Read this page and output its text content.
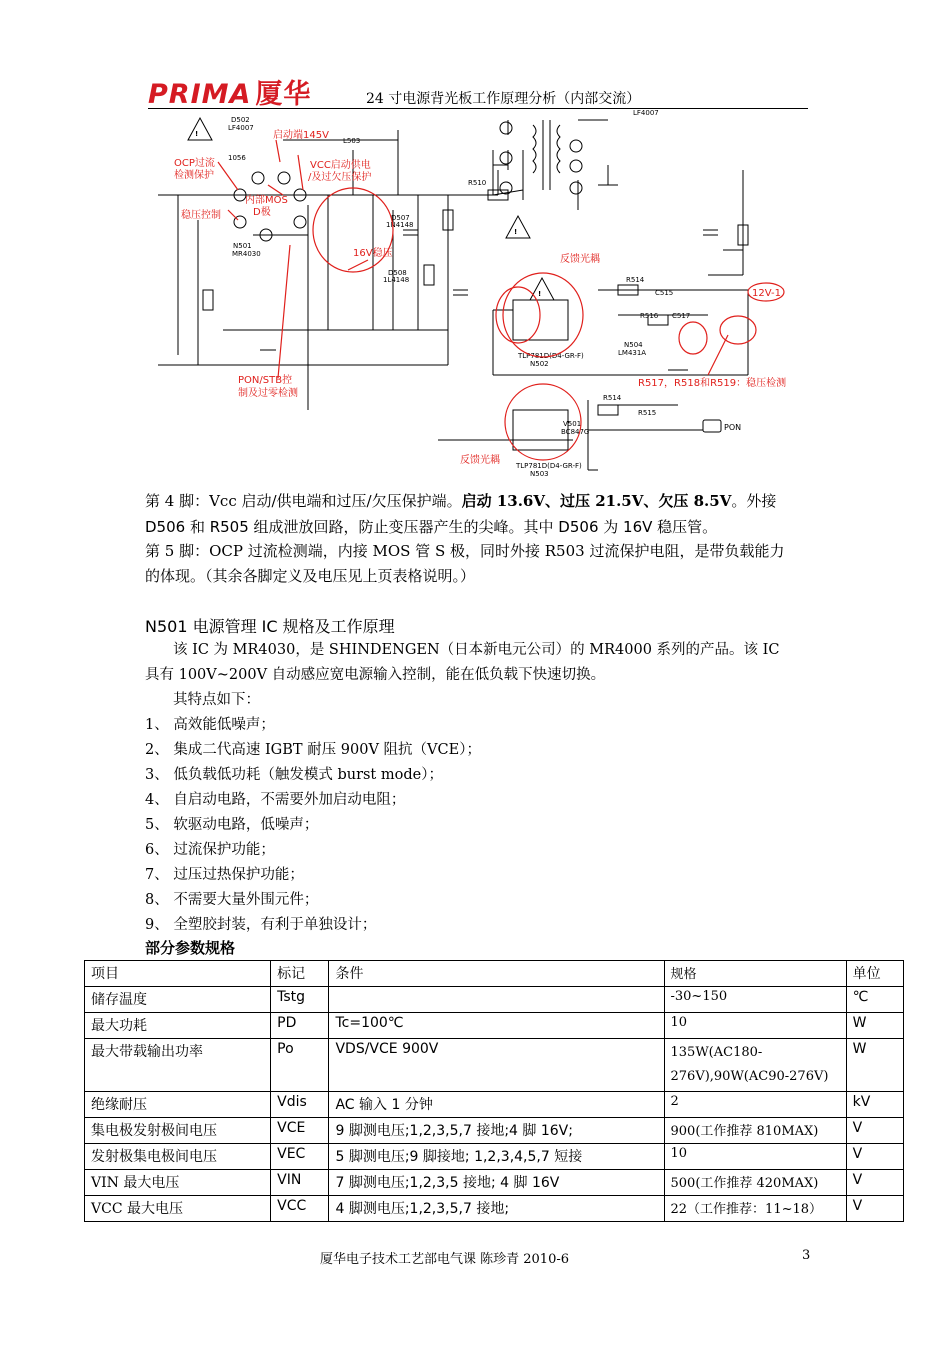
PRIMA 厦华	24 寸电源背光板工作原理分析（内部交流）
!
!
!
D502
LF4007
L503
R510
1056
N501
MR4030
TLP781D(D4-GR-F)
N502
TLP781D(D4-GR-F)
N503
R514
C515
R516 C517
N504
LM431A
R514
R515
V501
BC847G
LF4007
D507
1N4148
D508
1L4148
启动端145V
OCP过流
检测保护
内部MOS
D极
VCC启动供电
/及过欠压保护
稳压控制
16V稳压
PON/STB控
制及过零检测
反馈光耦
反馈光耦
12V-1
R517，R518和R519：稳压检测
PON
第 4 脚：Vcc 启动/供电端和过压/欠压保护端。启动 13.6V、过压 21.5V、欠压 8.5V。外接
D506 和 R505 组成泄放回路，防止变压器产生的尖峰。其中 D506 为 16V 稳压管。
第 5 脚：OCP 过流检测端，内接 MOS 管 S 极，同时外接 R503 过流保护电阻，是带负载能力
的体现。（其余各脚定义及电压见上页表格说明。）
N501 电源管理 IC 规格及工作原理
该 IC 为 MR4030，是 SHINDENGEN（日本新电元公司）的 MR4000 系列的产品。该 IC
具有 100V~200V 自动感应宽电源输入控制，能在低负载下快速切换。
其特点如下：
1、 高效能低噪声；
2、 集成二代高速 IGBT 耐压 900V 阻抗（VCE）；
3、 低负载低功耗（触发模式 burst mode）；
4、 自启动电路，不需要外加启动电阻；
5、 软驱动电路，低噪声；
6、 过流保护功能；
7、 过压过热保护功能；
8、 不需要大量外围元件；
9、 全塑胶封装，有利于单独设计；
部分参数规格
项目	标记	条件	规格	单位
储存温度	Tstg		-30~150	℃
最大功耗	PD	Tc=100℃	10	W
最大带载输出功率	Po	VDS/VCE 900V	135W(AC180-276V),90W(AC90-276V)	W
绝缘耐压	Vdis	AC 输入 1 分钟	2	kV
集电极发射极间电压	VCE	9 脚测电压;1,2,3,5,7 接地;4 脚 16V;	900(工作推荐 810MAX)	V
发射极集电极间电压	VEC	5 脚测电压;9 脚接地; 1,2,3,4,5,7 短接	10	V
VIN 最大电压	VIN	7 脚测电压;1,2,3,5 接地; 4 脚 16V	500(工作推荐 420MAX)	V
VCC 最大电压	VCC	4 脚测电压;1,2,3,5,7 接地;	22（工作推荐：11~18）	V
厦华电子技术工艺部电气课 陈珍青 2010-6	3
